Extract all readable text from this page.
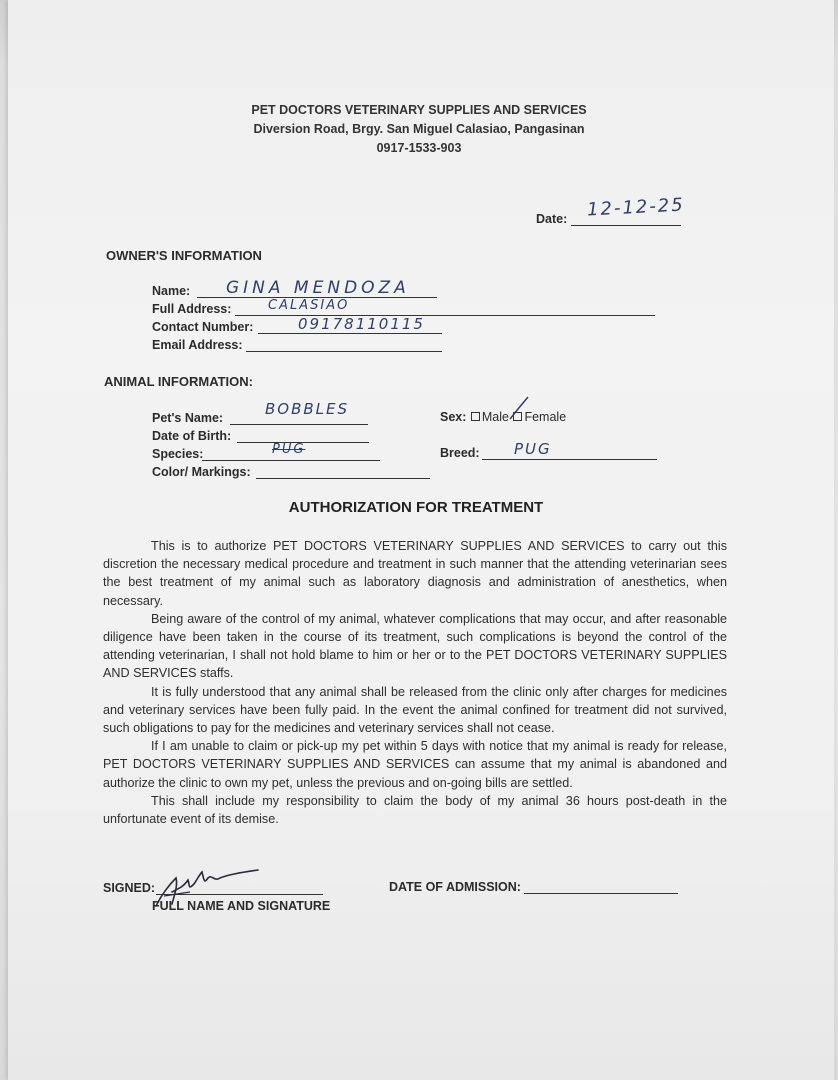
PET DOCTORS VETERINARY SUPPLIES AND SERVICES
Diversion Road, Brgy. San Miguel Calasiao, Pangasinan
0917-1533-903
Date: 12-12-25
OWNER'S INFORMATION
Name: GINA MENDOZA
Full Address:	CALASIAO
Contact Number:	09178110115
Email Address:
ANIMAL INFORMATION:
Pet's Name:	BOBBLES
Date of Birth:
Species:	PUG
Color/ Markings:
Sex: Male Female
Breed: PUG
AUTHORIZATION FOR TREATMENT

This is to authorize PET DOCTORS VETERINARY SUPPLIES AND SERVICES to carry out this discretion the necessary medical procedure and treatment in such manner that the attending veterinarian sees the best treatment of my animal such as laboratory diagnosis and administration of anesthetics, when necessary.

Being aware of the control of my animal, whatever complications that may occur, and after reasonable diligence have been taken in the course of its treatment, such complications is beyond the control of the attending veterinarian, I shall not hold blame to him or her or to the PET DOCTORS VETERINARY SUPPLIES AND SERVICES staffs.

It is fully understood that any animal shall be released from the clinic only after charges for medicines and veterinary services have been fully paid. In the event the animal confined for treatment did not survived, such obligations to pay for the medicines and veterinary services shall not cease.

If I am unable to claim or pick-up my pet within 5 days with notice that my animal is ready for release, PET DOCTORS VETERINARY SUPPLIES AND SERVICES can assume that my animal is abandoned and authorize the clinic to own my pet, unless the previous and on-going bills are settled.

This shall include my responsibility to claim the body of my animal 36 hours post-death in the unfortunate event of its demise.

SIGNED:
FULL NAME AND SIGNATURE
DATE OF ADMISSION:
